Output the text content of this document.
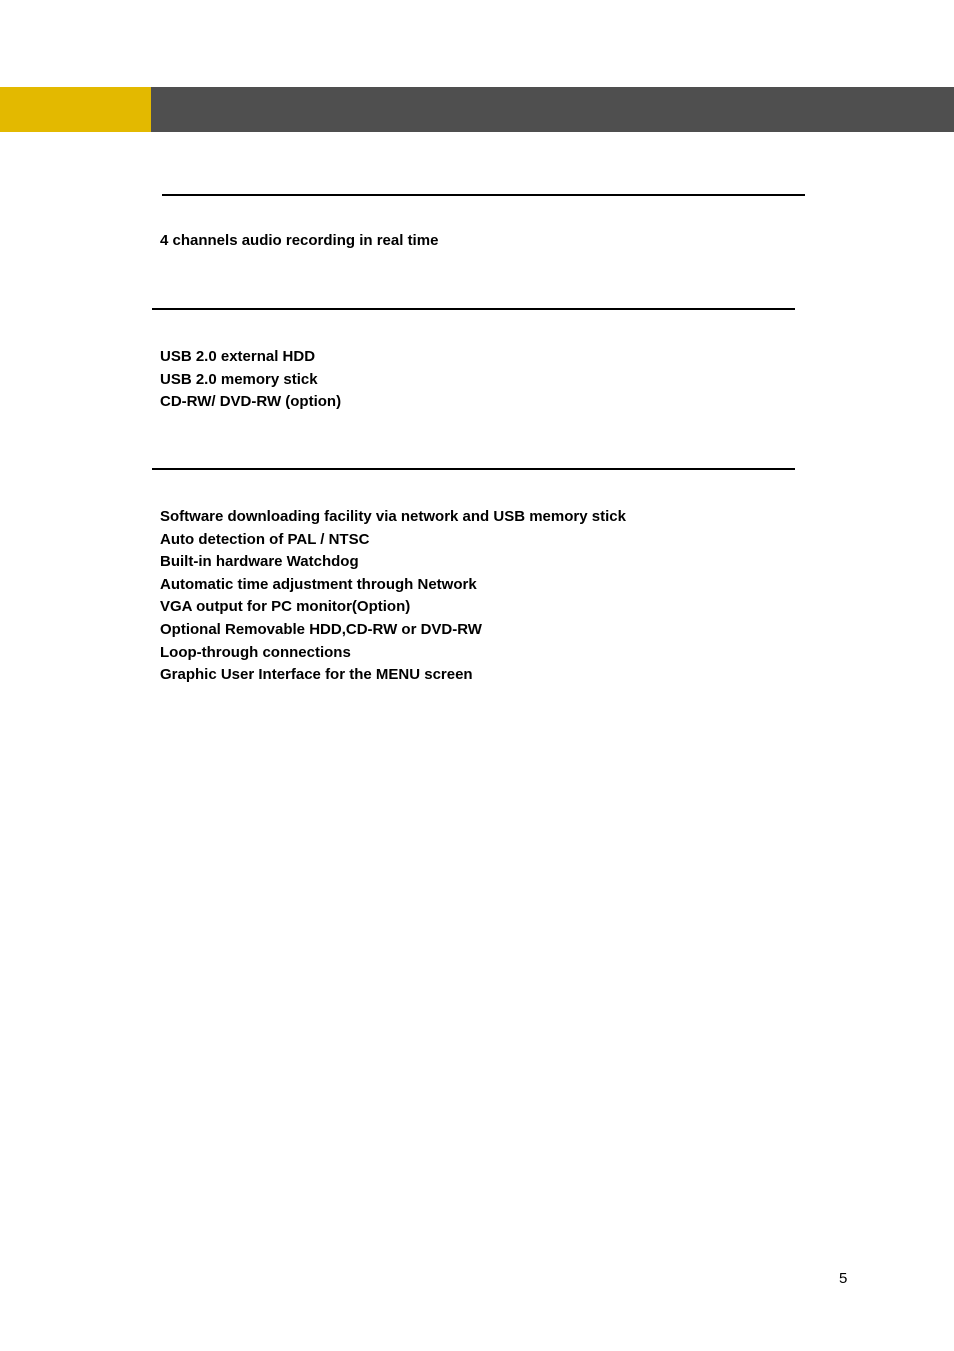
4 channels audio recording in real time
USB 2.0 external HDD
USB 2.0 memory stick
CD-RW/ DVD-RW (option)
Software downloading facility via network and USB memory stick
Auto detection of PAL / NTSC
Built-in hardware Watchdog
Automatic time adjustment through Network
VGA output for PC monitor(Option)
Optional Removable HDD,CD-RW or DVD-RW
Loop-through connections
Graphic User Interface for the MENU screen
5
